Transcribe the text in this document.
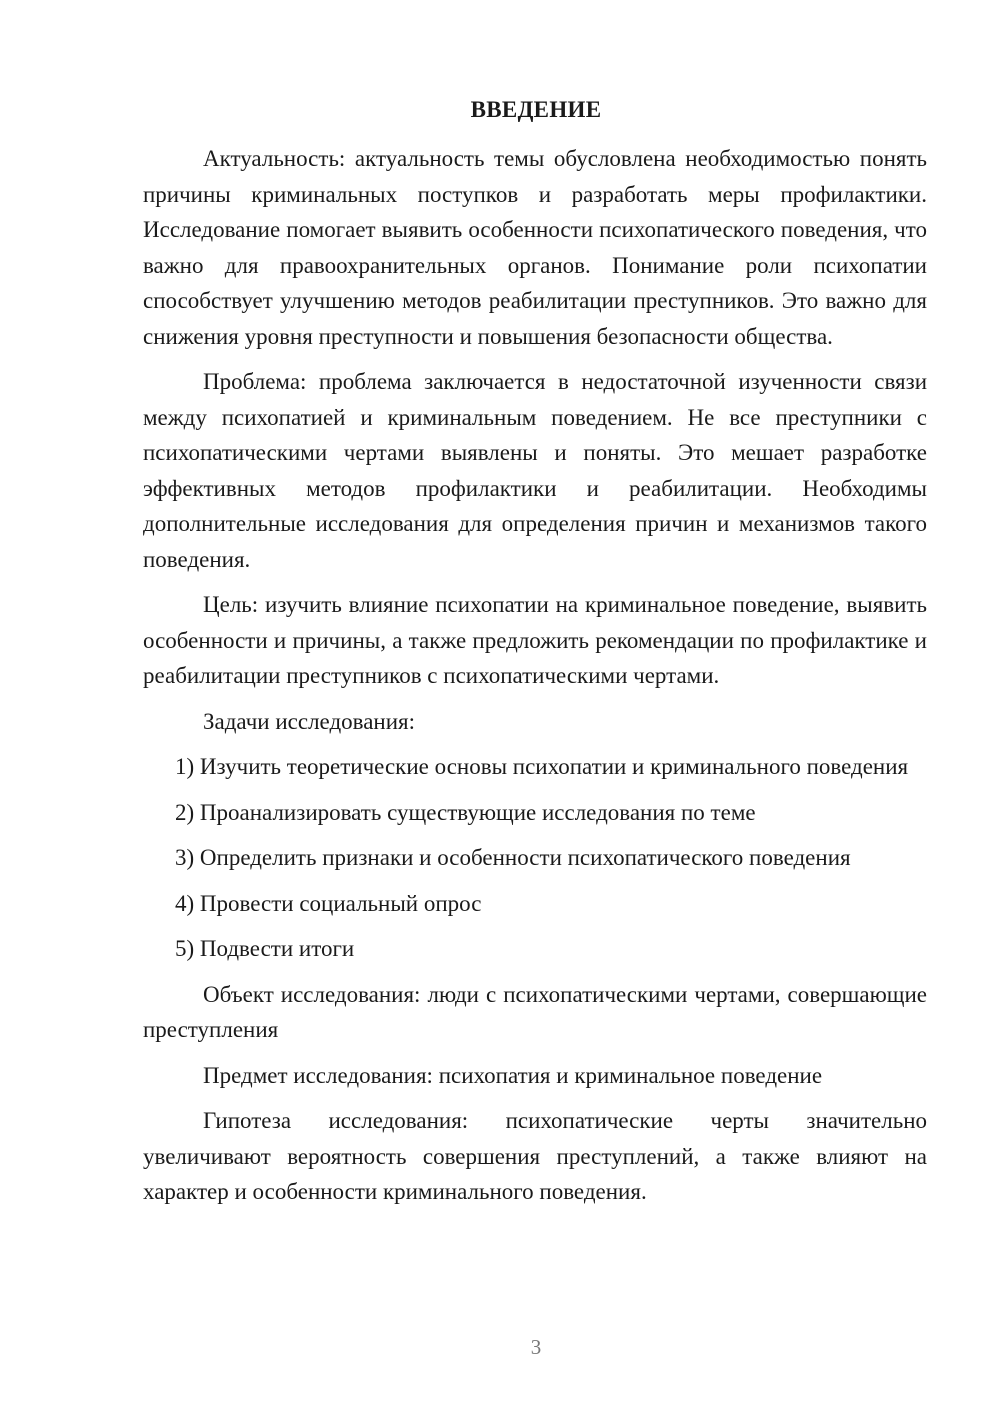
ВВЕДЕНИЕ

Актуальность: актуальность темы обусловлена необходимостью понять причины криминальных поступков и разработать меры профилактики. Исследование помогает выявить особенности психопатического поведения, что важно для правоохранительных органов. Понимание роли психопатии способствует улучшению методов реабилитации преступников. Это важно для снижения уровня преступности и повышения безопасности общества.

Проблема: проблема заключается в недостаточной изученности связи между психопатией и криминальным поведением. Не все преступники с психопатическими чертами выявлены и поняты. Это мешает разработке эффективных методов профилактики и реабилитации. Необходимы дополнительные исследования для определения причин и механизмов такого поведения.

Цель: изучить влияние психопатии на криминальное поведение, выявить особенности и причины, а также предложить рекомендации по профилактике и реабилитации преступников с психопатическими чертами.

Задачи исследования:

1) Изучить теоретические основы психопатии и криминального поведения

2) Проанализировать существующие исследования по теме

3) Определить признаки и особенности психопатического поведения

4) Провести социальный опрос

5) Подвести итоги

Объект исследования: люди с психопатическими чертами, совершающие преступления

Предмет исследования: психопатия и криминальное поведение

Гипотеза исследования: психопатические черты значительно увеличивают вероятность совершения преступлений, а также влияют на характер и особенности криминального поведения.

3
